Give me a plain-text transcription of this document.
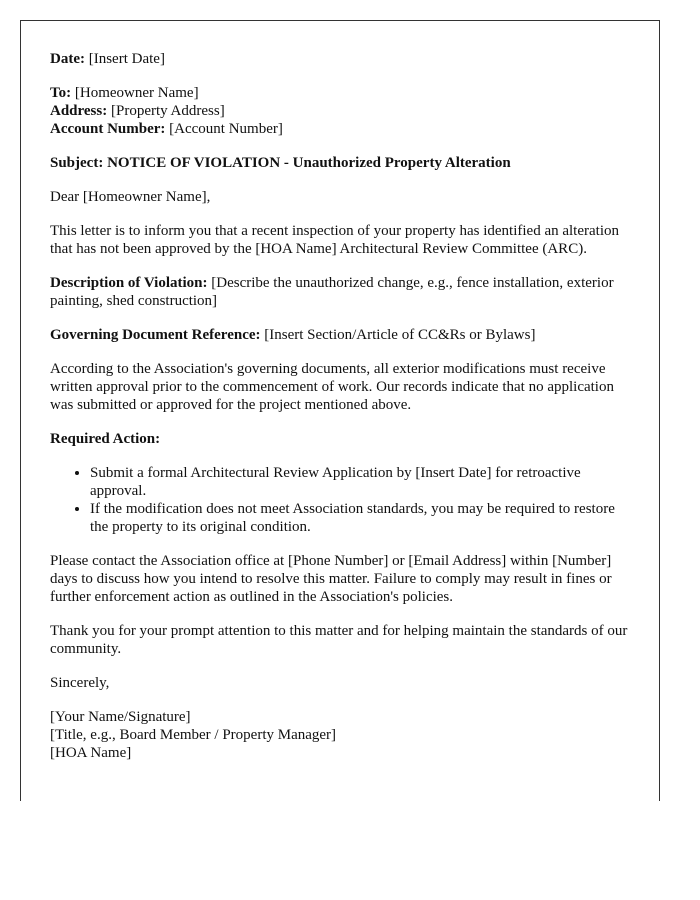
Date: [Insert Date]

To: [Homeowner Name]
Address: [Property Address]
Account Number: [Account Number]

Subject: NOTICE OF VIOLATION - Unauthorized Property Alteration

Dear [Homeowner Name],

This letter is to inform you that a recent inspection of your property has identified an alteration that has not been approved by the [HOA Name] Architectural Review Committee (ARC).

Description of Violation: [Describe the unauthorized change, e.g., fence installation, exterior painting, shed construction]

Governing Document Reference: [Insert Section/Article of CC&Rs or Bylaws]

According to the Association's governing documents, all exterior modifications must receive written approval prior to the commencement of work. Our records indicate that no application was submitted or approved for the project mentioned above.

Required Action:

• Submit a formal Architectural Review Application by [Insert Date] for retroactive approval.
• If the modification does not meet Association standards, you may be required to restore the property to its original condition.

Please contact the Association office at [Phone Number] or [Email Address] within [Number] days to discuss how you intend to resolve this matter. Failure to comply may result in fines or further enforcement action as outlined in the Association's policies.

Thank you for your prompt attention to this matter and for helping maintain the standards of our community.

Sincerely,

[Your Name/Signature]
[Title, e.g., Board Member / Property Manager]
[HOA Name]
